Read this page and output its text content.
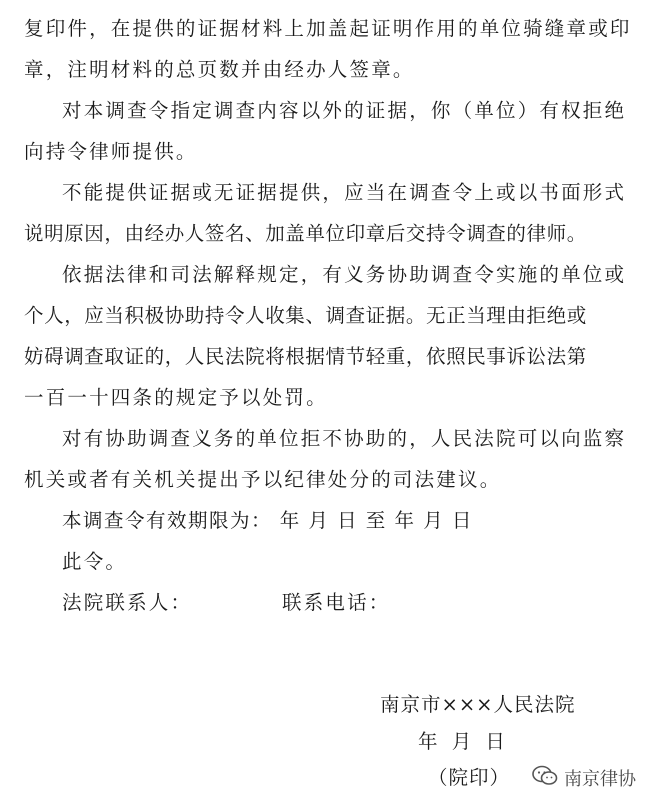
复印件，在提供的证据材料上加盖起证明作用的单位骑缝章或印
章，注明材料的总页数并由经办人签章。
对本调查令指定调查内容以外的证据，你（单位）有权拒绝
向持令律师提供。
不能提供证据或无证据提供，应当在调查令上或以书面形式
说明原因，由经办人签名、加盖单位印章后交持令调查的律师。
依据法律和司法解释规定，有义务协助调查令实施的单位或
个人，应当积极协助持令人收集、调查证据。无正当理由拒绝或
妨碍调查取证的，人民法院将根据情节轻重，依照民事诉讼法第
一百一十四条的规定予以处罚。
对有协助调查义务的单位拒不协助的，人民法院可以向监察
机关或者有关机关提出予以纪律处分的司法建议。
本调查令有效期限为： 年 月 日 至 年 月 日
此令。
法院联系人：	联系电话：
南京市×××人民法院
年 月 日
（院印）	南京律协
